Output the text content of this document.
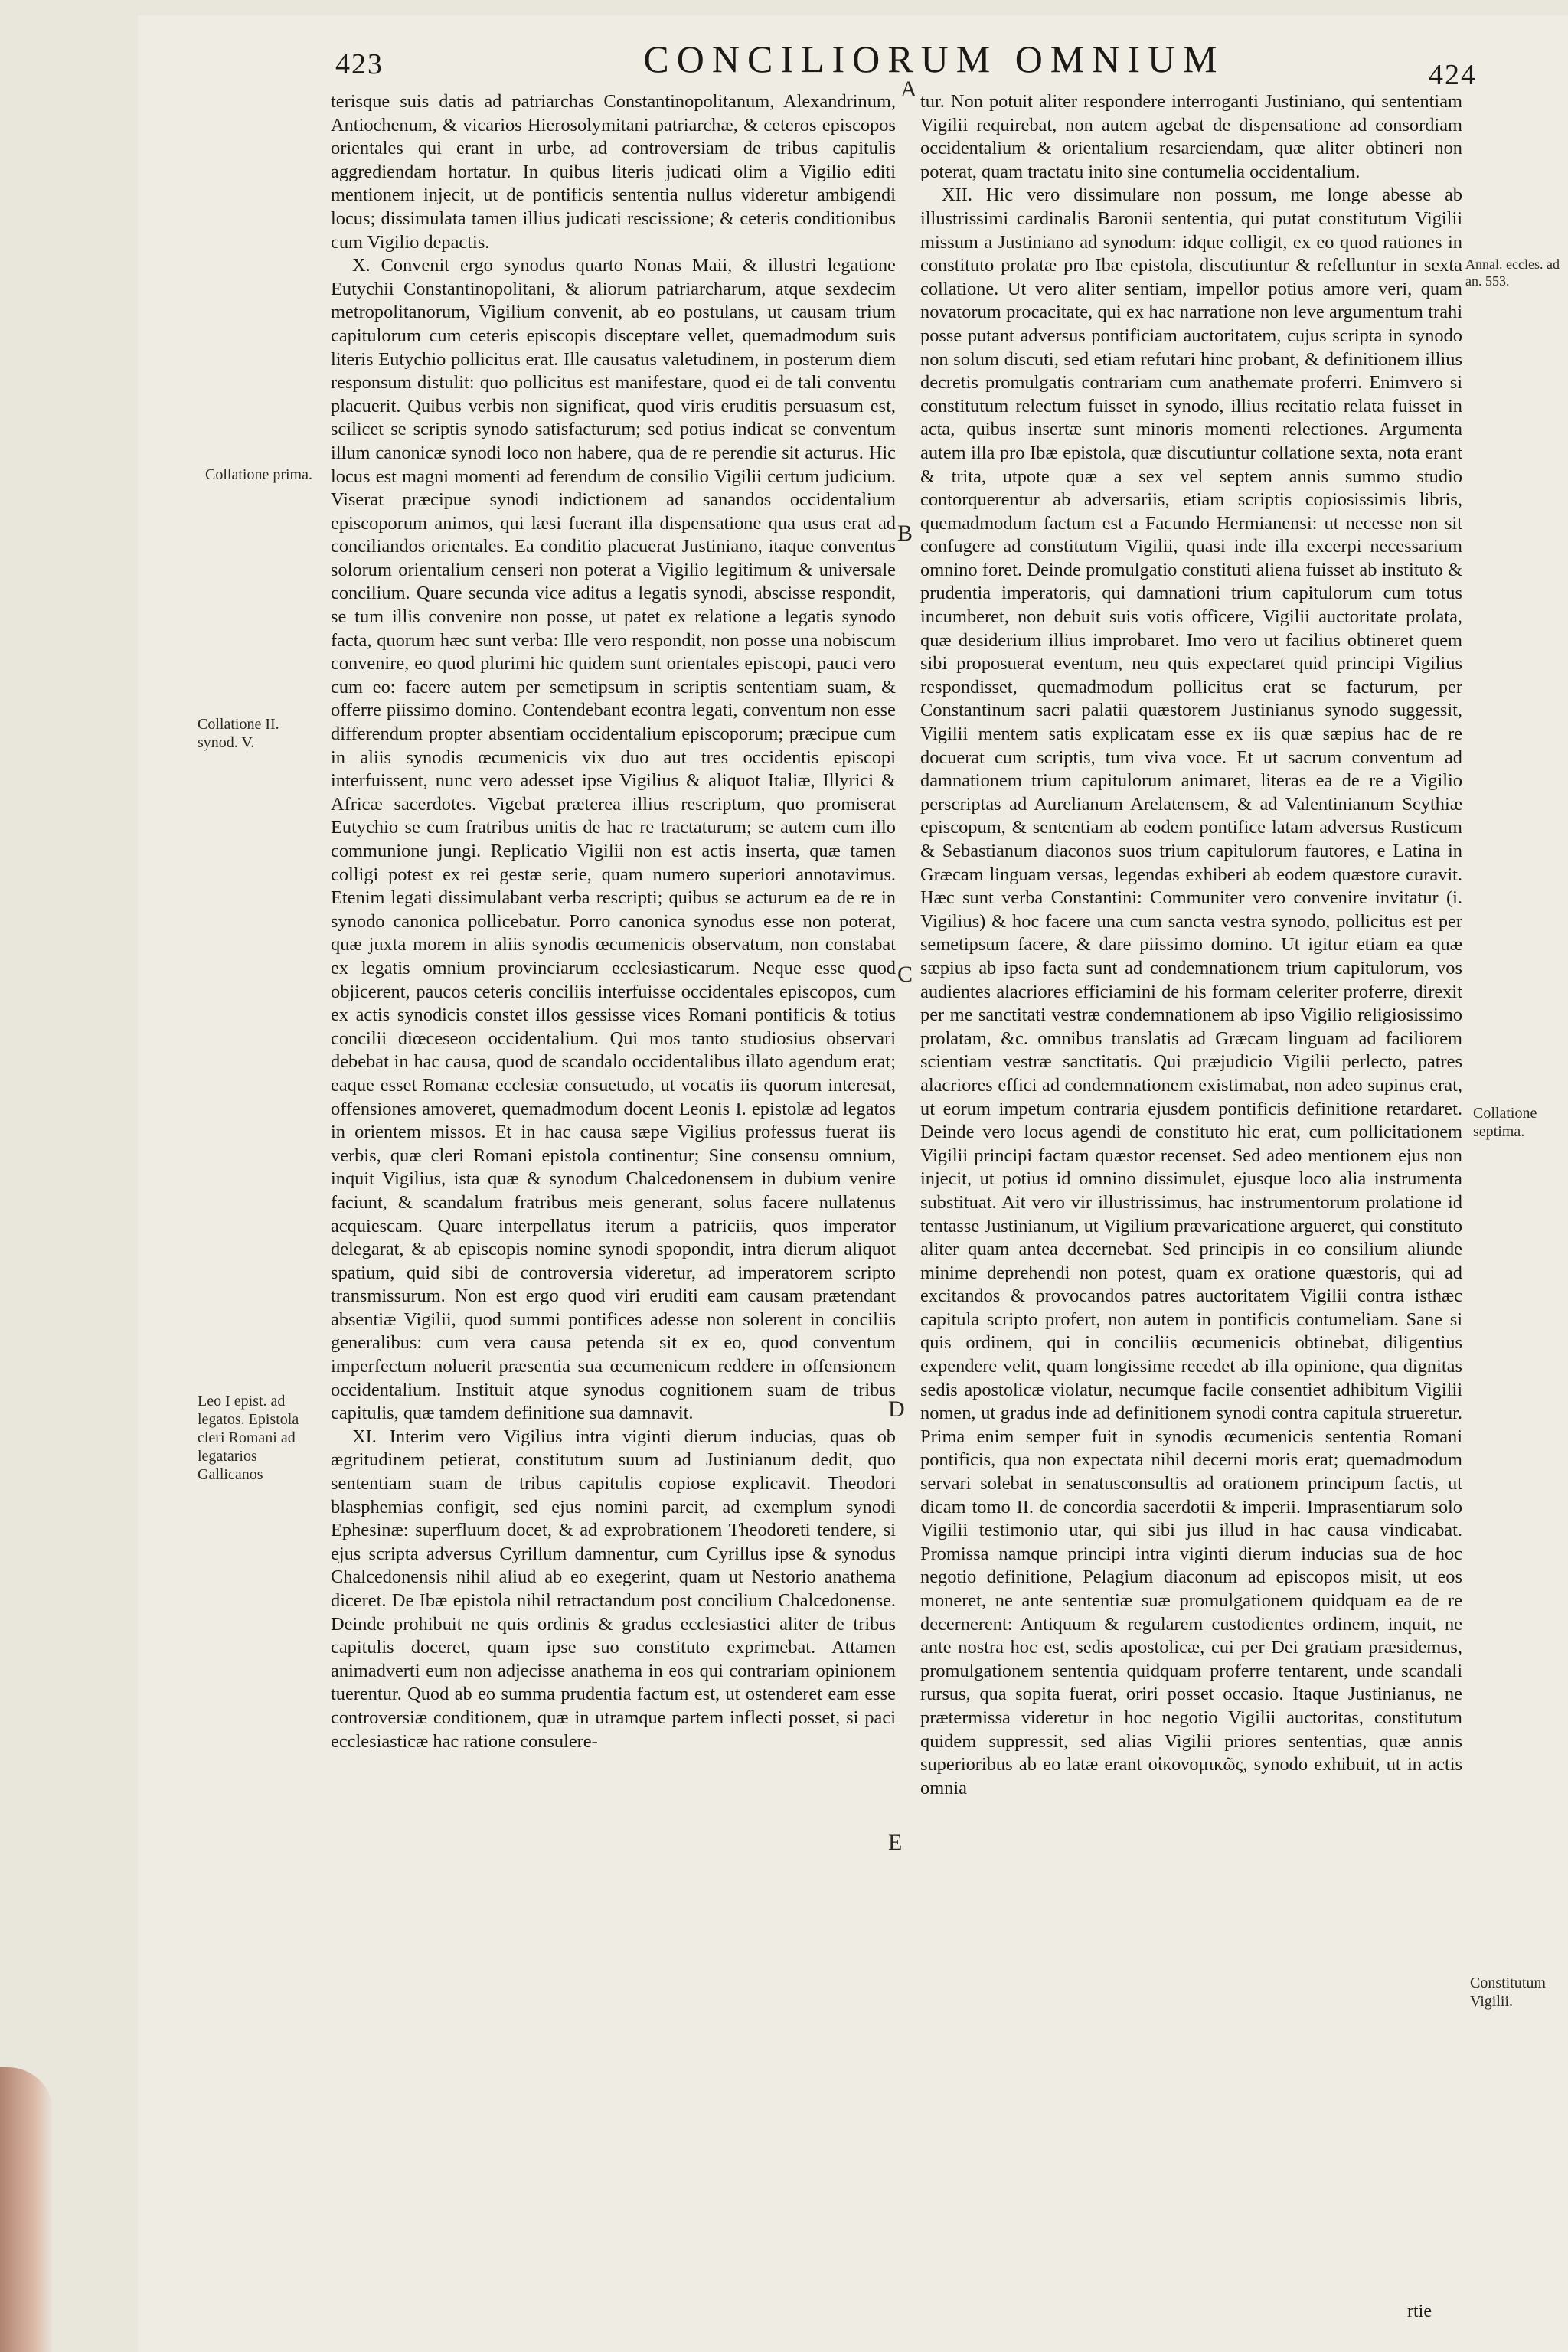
423	CONCILIORUM OMNIUM	424

terisque suis datis ad patriarchas Constantinopolitanum, Alexandrinum, Antiochenum, & vicarios Hierosolymitani patriarchæ, & ceteros episcopos orientales qui erant in urbe, ad controversiam de tribus capitulis aggrediendam hortatur. In quibus literis judicati olim a Vigilio editi mentionem injecit, ut de pontificis sententia nullus videretur ambigendi locus; dissimulata tamen illius judicati rescissione; & ceteris conditionibus cum Vigilio depactis.

X. Convenit ergo synodus quarto Nonas Maii, & illustri legatione Eutychii Constantinopolitani, & aliorum patriarcharum, atque sexdecim metropolitanorum, Vigilium convenit, ab eo postulans, ut causam trium capitulorum cum ceteris episcopis disceptare vellet, quemadmodum suis literis Eutychio pollicitus erat. Ille causatus valetudinem, in posterum diem responsum distulit: quo pollicitus est manifestare, quod ei de tali conventu placuerit. Quibus verbis non significat, quod viris eruditis persuasum est, scilicet se scriptis synodo satisfacturum; sed potius indicat se conventum illum canonicæ synodi loco non habere, qua de re perendie sit acturus. Hic locus est magni momenti ad ferendum de consilio Vigilii certum judicium. Viserat præcipue synodi indictionem ad sanandos occidentalium episcoporum animos, qui læsi fuerant illa dispensatione qua usus erat ad conciliandos orientales. Ea conditio placuerat Justiniano, itaque conventus solorum orientalium censeri non poterat a Vigilio legitimum & universale concilium. Quare secunda vice aditus a legatis synodi, abscisse respondit, se tum illis convenire non posse, ut patet ex relatione a legatis synodo facta, quorum hæc sunt verba: Ille vero respondit, non posse una nobiscum convenire, eo quod plurimi hic quidem sunt orientales episcopi, pauci vero cum eo: facere autem per semetipsum in scriptis sententiam suam, & offerre piissimo domino. Contendebant econtra legati, conventum non esse differendum propter absentiam occidentalium episcoporum; præcipue cum in aliis synodis œcumenicis vix duo aut tres occidentis episcopi interfuissent, nunc vero adesset ipse Vigilius & aliquot Italiæ, Illyrici & Africæ sacerdotes. Vigebat præterea illius rescriptum, quo promiserat Eutychio se cum fratribus unitis de hac re tractaturum; se autem cum illo communione jungi. Replicatio Vigilii non est actis inserta, quæ tamen colligi potest ex rei gestæ serie, quam numero superiori annotavimus. Etenim legati dissimulabant verba rescripti; quibus se acturum ea de re in synodo canonica pollicebatur. Porro canonica synodus esse non poterat, quæ juxta morem in aliis synodis œcumenicis observatum, non constabat ex legatis omnium provinciarum ecclesiasticarum. Neque esse quod objicerent, paucos ceteris conciliis interfuisse occidentales episcopos, cum ex actis synodicis constet illos gessisse vices Romani pontificis & totius concilii diœceseon occidentalium. Qui mos tanto studiosius observari debebat in hac causa, quod de scandalo occidentalibus illato agendum erat; eaque esset Romanæ ecclesiæ consuetudo, ut vocatis iis quorum interesat, offensiones amoveret, quemadmodum docent Leonis I. epistolæ ad legatos in orientem missos. Et in hac causa sæpe Vigilius professus fuerat iis verbis, quæ cleri Romani epistola continentur; Sine consensu omnium, inquit Vigilius, ista quæ & synodum Chalcedonensem in dubium venire faciunt, & scandalum fratribus meis generant, solus facere nullatenus acquiescam. Quare interpellatus iterum a patriciis, quos imperator delegarat, & ab episcopis nomine synodi spopondit, intra dierum aliquot spatium, quid sibi de controversia videretur, ad imperatorem scripto transmissurum. Non est ergo quod viri eruditi eam causam prætendant absentiæ Vigilii, quod summi pontifices adesse non solerent in conciliis generalibus: cum vera causa petenda sit ex eo, quod conventum imperfectum noluerit præsentia sua œcumenicum reddere in offensionem occidentalium. Instituit atque synodus cognitionem suam de tribus capitulis, quæ tamdem definitione sua damnavit.

XI. Interim vero Vigilius intra viginti dierum inducias, quas ob ægritudinem petierat, constitutum suum ad Justinianum dedit, quo sententiam suam de tribus capitulis copiose explicavit. Theodori blasphemias configit, sed ejus nomini parcit, ad exemplum synodi Ephesinæ: superfluum docet, & ad exprobrationem Theodoreti tendere, si ejus scripta adversus Cyrillum damnentur, cum Cyrillus ipse & synodus Chalcedonensis nihil aliud ab eo exegerint, quam ut Nestorio anathema diceret. De Ibæ epistola nihil retractandum post concilium Chalcedonense. Deinde prohibuit ne quis ordinis & gradus ecclesiastici aliter de tribus capitulis doceret, quam ipse suo constituto exprimebat. Attamen animadverti eum non adjecisse anathema in eos qui contrariam opinionem tuerentur. Quod ab eo summa prudentia factum est, ut ostenderet eam esse controversiæ conditionem, quæ in utramque partem inflecti posset, si paci ecclesiasticæ hac ratione consulere-

tur. Non potuit aliter respondere interroganti Justiniano, qui sententiam Vigilii requirebat, non autem agebat de dispensatione ad consordiam occidentalium & orientalium resarciendam, quæ aliter obtineri non poterat, quam tractatu inito sine contumelia occidentalium.

XII. Hic vero dissimulare non possum, me longe abesse ab illustrissimi cardinalis Baronii sententia, qui putat constitutum Vigilii missum a Justiniano ad synodum: idque colligit, ex eo quod rationes in constituto prolatæ pro Ibæ epistola, discutiuntur & refelluntur in sexta collatione. Ut vero aliter sentiam, impellor potius amore veri, quam novatorum procacitate, qui ex hac narratione non leve argumentum trahi posse putant adversus pontificiam auctoritatem, cujus scripta in synodo non solum discuti, sed etiam refutari hinc probant, & definitionem illius decretis promulgatis contrariam cum anathemate proferri. Enimvero si constitutum relectum fuisset in synodo, illius recitatio relata fuisset in acta, quibus insertæ sunt minoris momenti relectiones. Argumenta autem illa pro Ibæ epistola, quæ discutiuntur collatione sexta, nota erant & trita, utpote quæ a sex vel septem annis summo studio contorquerentur ab adversariis, etiam scriptis copiosissimis libris, quemadmodum factum est a Facundo Hermianensi: ut necesse non sit confugere ad constitutum Vigilii, quasi inde illa excerpi necessarium omnino foret. Deinde promulgatio constituti aliena fuisset ab instituto & prudentia imperatoris, qui damnationi trium capitulorum cum totus incumberet, non debuit suis votis officere, Vigilii auctoritate prolata, quæ desiderium illius improbaret. Imo vero ut facilius obtineret quem sibi proposuerat eventum, neu quis expectaret quid principi Vigilius respondisset, quemadmodum pollicitus erat se facturum, per Constantinum sacri palatii quæstorem Justinianus synodo suggessit, Vigilii mentem satis explicatam esse ex iis quæ sæpius hac de re docuerat cum scriptis, tum viva voce. Et ut sacrum conventum ad damnationem trium capitulorum animaret, literas ea de re a Vigilio perscriptas ad Aurelianum Arelatensem, & ad Valentinianum Scythiæ episcopum, & sententiam ab eodem pontifice latam adversus Rusticum & Sebastianum diaconos suos trium capitulorum fautores, e Latina in Græcam linguam versas, legendas exhiberi ab eodem quæstore curavit. Hæc sunt verba Constantini: Communiter vero convenire invitatur (i. Vigilius) & hoc facere una cum sancta vestra synodo, pollicitus est per semetipsum facere, & dare piissimo domino. Ut igitur etiam ea quæ sæpius ab ipso facta sunt ad condemnationem trium capitulorum, vos audientes alacriores efficiamini de his formam celeriter proferre, direxit per me sanctitati vestræ condemnationem ab ipso Vigilio religiosissimo prolatam, &c. omnibus translatis ad Græcam linguam ad faciliorem scientiam vestræ sanctitatis. Qui præjudicio Vigilii perlecto, patres alacriores effici ad condemnationem existimabat, non adeo supinus erat, ut eorum impetum contraria ejusdem pontificis definitione retardaret. Deinde vero locus agendi de constituto hic erat, cum pollicitationem Vigilii principi factam quæstor recenset. Sed adeo mentionem ejus non injecit, ut potius id omnino dissimulet, ejusque loco alia instrumenta substituat. Ait vero vir illustrissimus, hac instrumentorum prolatione id tentasse Justinianum, ut Vigilium prævaricatione argueret, qui constituto aliter quam antea decernebat. Sed principis in eo consilium aliunde minime deprehendi non potest, quam ex oratione quæstoris, qui ad excitandos & provocandos patres auctoritatem Vigilii contra isthæc capitula scripto profert, non autem in pontificis contumeliam. Sane si quis ordinem, qui in conciliis œcumenicis obtinebat, diligentius expendere velit, quam longissime recedet ab illa opinione, qua dignitas sedis apostolicæ violatur, necumque facile consentiet adhibitum Vigilii nomen, ut gradus inde ad definitionem synodi contra capitula strueretur. Prima enim semper fuit in synodis œcumenicis sententia Romani pontificis, qua non expectata nihil decerni moris erat; quemadmodum servari solebat in senatusconsultis ad orationem principum factis, ut dicam tomo II. de concordia sacerdotii & imperii. Imprasentiarum solo Vigilii testimonio utar, qui sibi jus illud in hac causa vindicabat. Promissa namque principi intra viginti dierum inducias sua de hoc negotio definitione, Pelagium diaconum ad episcopos misit, ut eos moneret, ne ante sententiæ suæ promulgationem quidquam ea de re decernerent: Antiquum & regularem custodientes ordinem, inquit, ne ante nostra hoc est, sedis apostolicæ, cui per Dei gratiam præsidemus, promulgationem sententia quidquam proferre tentarent, unde scandali rursus, qua sopita fuerat, oriri posset occasio. Itaque Justinianus, ne prætermissa videretur in hoc negotio Vigilii auctoritas, constitutum quidem suppressit, sed alias Vigilii priores sententias, quæ annis superioribus ab eo latæ erant οἰκονομικῶς, synodo exhibuit, ut in actis omnia

A
B
C
D
E
Collatione prima.
Collatione II. synod. V.
Leo I epist. ad legatos. Epistola cleri Romani ad legatarios Gallicanos
Annal. eccles. ad an. 553.
Collatione septima.
Constitutum Vigilii.
rtie
